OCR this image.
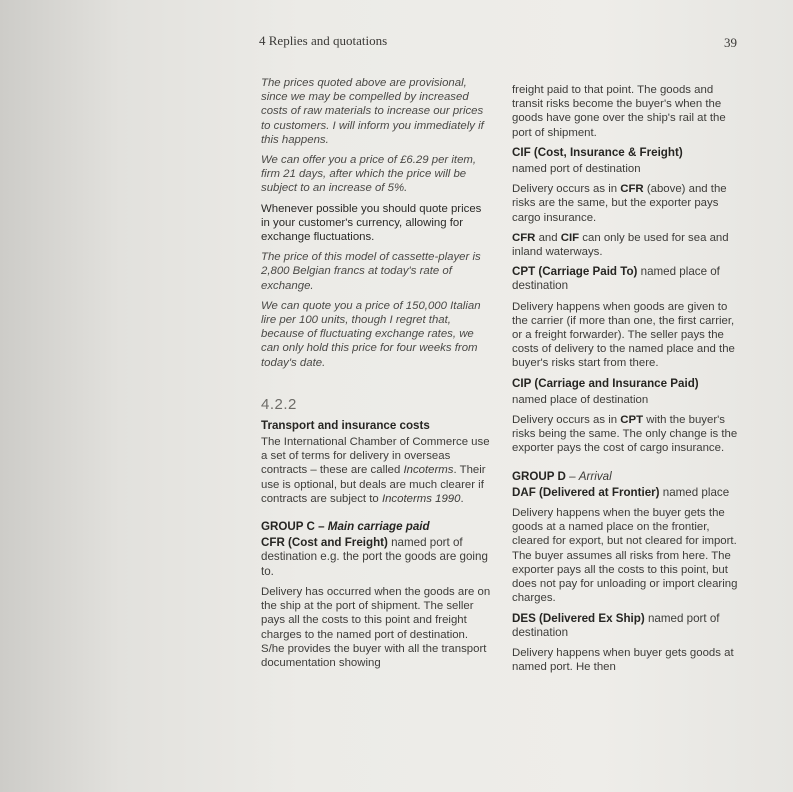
4 Replies and quotations	39

The prices quoted above are provisional, since we may be compelled by increased costs of raw materials to increase our prices to customers. I will inform you immediately if this happens.

We can offer you a price of £6.29 per item, firm 21 days, after which the price will be subject to an increase of 5%.

Whenever possible you should quote prices in your customer's currency, allowing for exchange fluctuations.

The price of this model of cassette-player is 2,800 Belgian francs at today's rate of exchange.

We can quote you a price of 150,000 Italian lire per 100 units, though I regret that, because of fluctuating exchange rates, we can only hold this price for four weeks from today's date.

4.2.2
Transport and insurance costs

The International Chamber of Commerce use a set of terms for delivery in overseas contracts – these are called Incoterms. Their use is optional, but deals are much clearer if contracts are subject to Incoterms 1990.

GROUP C – Main carriage paid
CFR (Cost and Freight) named port of destination e.g. the port the goods are going to.

Delivery has occurred when the goods are on the ship at the port of shipment. The seller pays all the costs to this point and freight charges to the named port of destination. S/he provides the buyer with all the transport documentation showing

freight paid to that point. The goods and transit risks become the buyer's when the goods have gone over the ship's rail at the port of shipment.

CIF (Cost, Insurance & Freight)

named port of destination

Delivery occurs as in CFR (above) and the risks are the same, but the exporter pays cargo insurance.

CFR and CIF can only be used for sea and inland waterways.

CPT (Carriage Paid To) named place of destination

Delivery happens when goods are given to the carrier (if more than one, the first carrier, or a freight forwarder). The seller pays the costs of delivery to the named place and the buyer's risks start from there.

CIP (Carriage and Insurance Paid)

named place of destination

Delivery occurs as in CPT with the buyer's risks being the same. The only change is the exporter pays the cost of cargo insurance.

GROUP D – Arrival
DAF (Delivered at Frontier) named place

Delivery happens when the buyer gets the goods at a named place on the frontier, cleared for export, but not cleared for import. The buyer assumes all risks from here. The exporter pays all the costs to this point, but does not pay for unloading or import clearing charges.

DES (Delivered Ex Ship) named port of destination

Delivery happens when buyer gets goods at named port. He then
